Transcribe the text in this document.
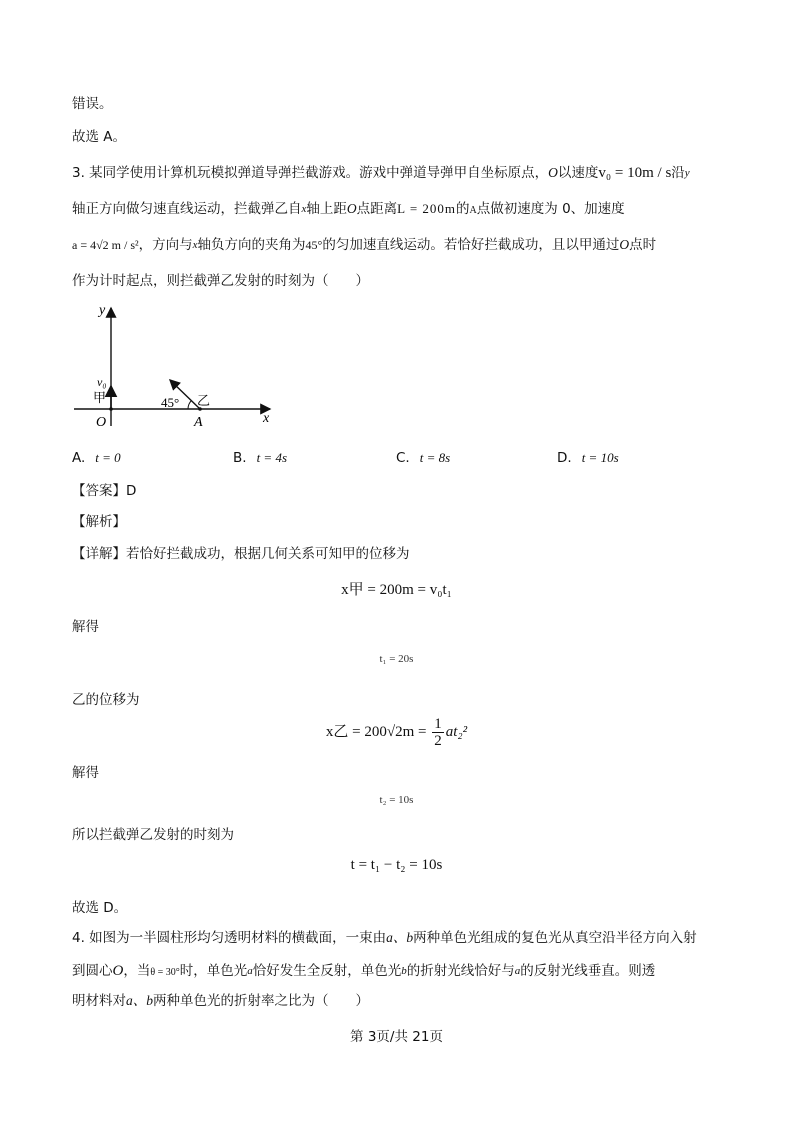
错误。
故选 A。
3. 某同学使用计算机玩模拟弹道导弹拦截游戏。游戏中弹道导弹甲自坐标原点，O以速度v₀ = 10m / s沿$^y$
轴正方向做匀速直线运动，拦截弹乙自$^x$轴上距O点距离L = 200m的A点做初速度为 0、加速度
a = 4√2 m / s²，方向与$^x$轴负方向的夹角为45°的匀加速直线运动。若恰好拦截成功，且以甲通过O点时
作为计时起点，则拦截弹乙发射的时刻为（　　）
y
x
v₀
甲
O	A
45° 乙
A. t = 0	B. t = 4s	C. t = 8s	D. t = 10s
【答案】D
【解析】
【详解】若恰好拦截成功，根据几何关系可知甲的位移为
x甲 = 200m = v₀t₁
解得
t₁ = 20s
乙的位移为
x乙 = $200√2m = \frac{1}{2} at_2^2$
解得
t₂ = 10s
所以拦截弹乙发射的时刻为
t = t₁ − t₂ = 10s
故选 D。
4. 如图为一半圆柱形均匀透明材料的横截面，一束由a、b两种单色光组成的复色光从真空沿半径方向入射
到圆心O，当θ = 30°时，单色光$^a$恰好发生全反射，单色光$^b$的折射光线恰好与$^a$的反射光线垂直。则透
明材料对a、b两种单色光的折射率之比为（　　）
第 3页/共 21页
